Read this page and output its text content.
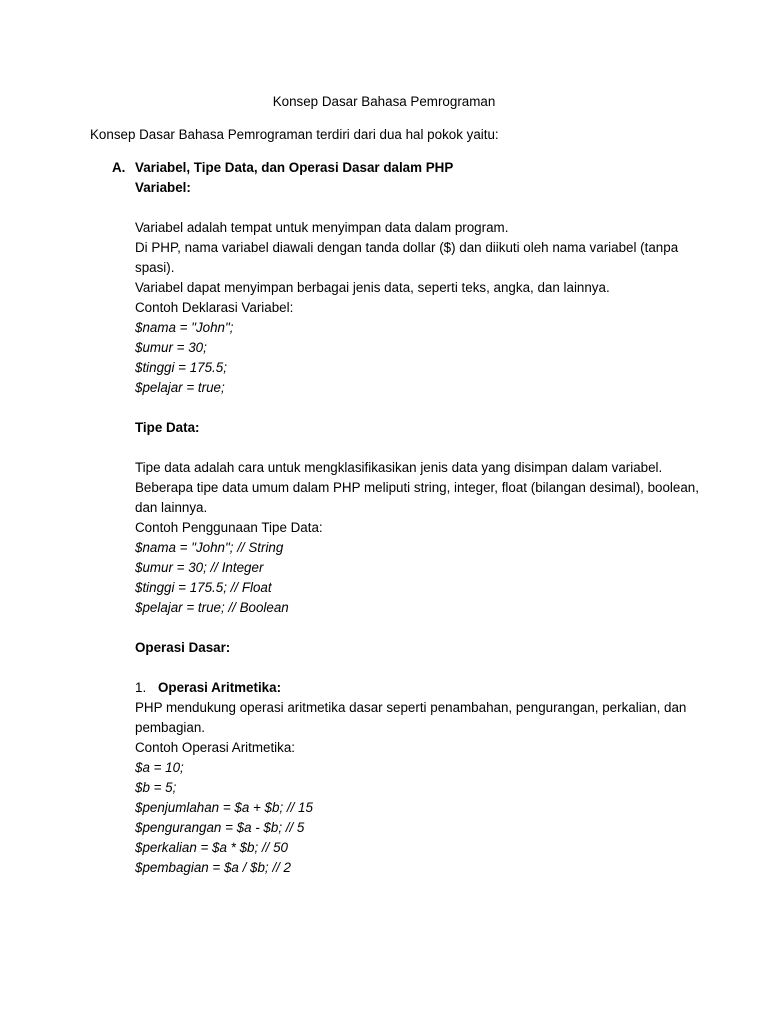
Konsep Dasar Bahasa Pemrograman
Konsep Dasar Bahasa Pemrograman terdiri dari dua hal pokok yaitu:
A. Variabel, Tipe Data, dan Operasi Dasar dalam PHP
Variabel:
Variabel adalah tempat untuk menyimpan data dalam program.
Di PHP, nama variabel diawali dengan tanda dollar ($) dan diikuti oleh nama variabel (tanpa
spasi).
Variabel dapat menyimpan berbagai jenis data, seperti teks, angka, dan lainnya.
Contoh Deklarasi Variabel:
$nama = "John";
$umur = 30;
$tinggi = 175.5;
$pelajar = true;
Tipe Data:
Tipe data adalah cara untuk mengklasifikasikan jenis data yang disimpan dalam variabel.
Beberapa tipe data umum dalam PHP meliputi string, integer, float (bilangan desimal), boolean,
dan lainnya.
Contoh Penggunaan Tipe Data:
$nama = "John"; // String
$umur = 30; // Integer
$tinggi = 175.5; // Float
$pelajar = true; // Boolean
Operasi Dasar:
1. Operasi Aritmetika:
PHP mendukung operasi aritmetika dasar seperti penambahan, pengurangan, perkalian, dan
pembagian.
Contoh Operasi Aritmetika:
$a = 10;
$b = 5;
$penjumlahan = $a + $b; // 15
$pengurangan = $a - $b; // 5
$perkalian = $a * $b; // 50
$pembagian = $a / $b; // 2
